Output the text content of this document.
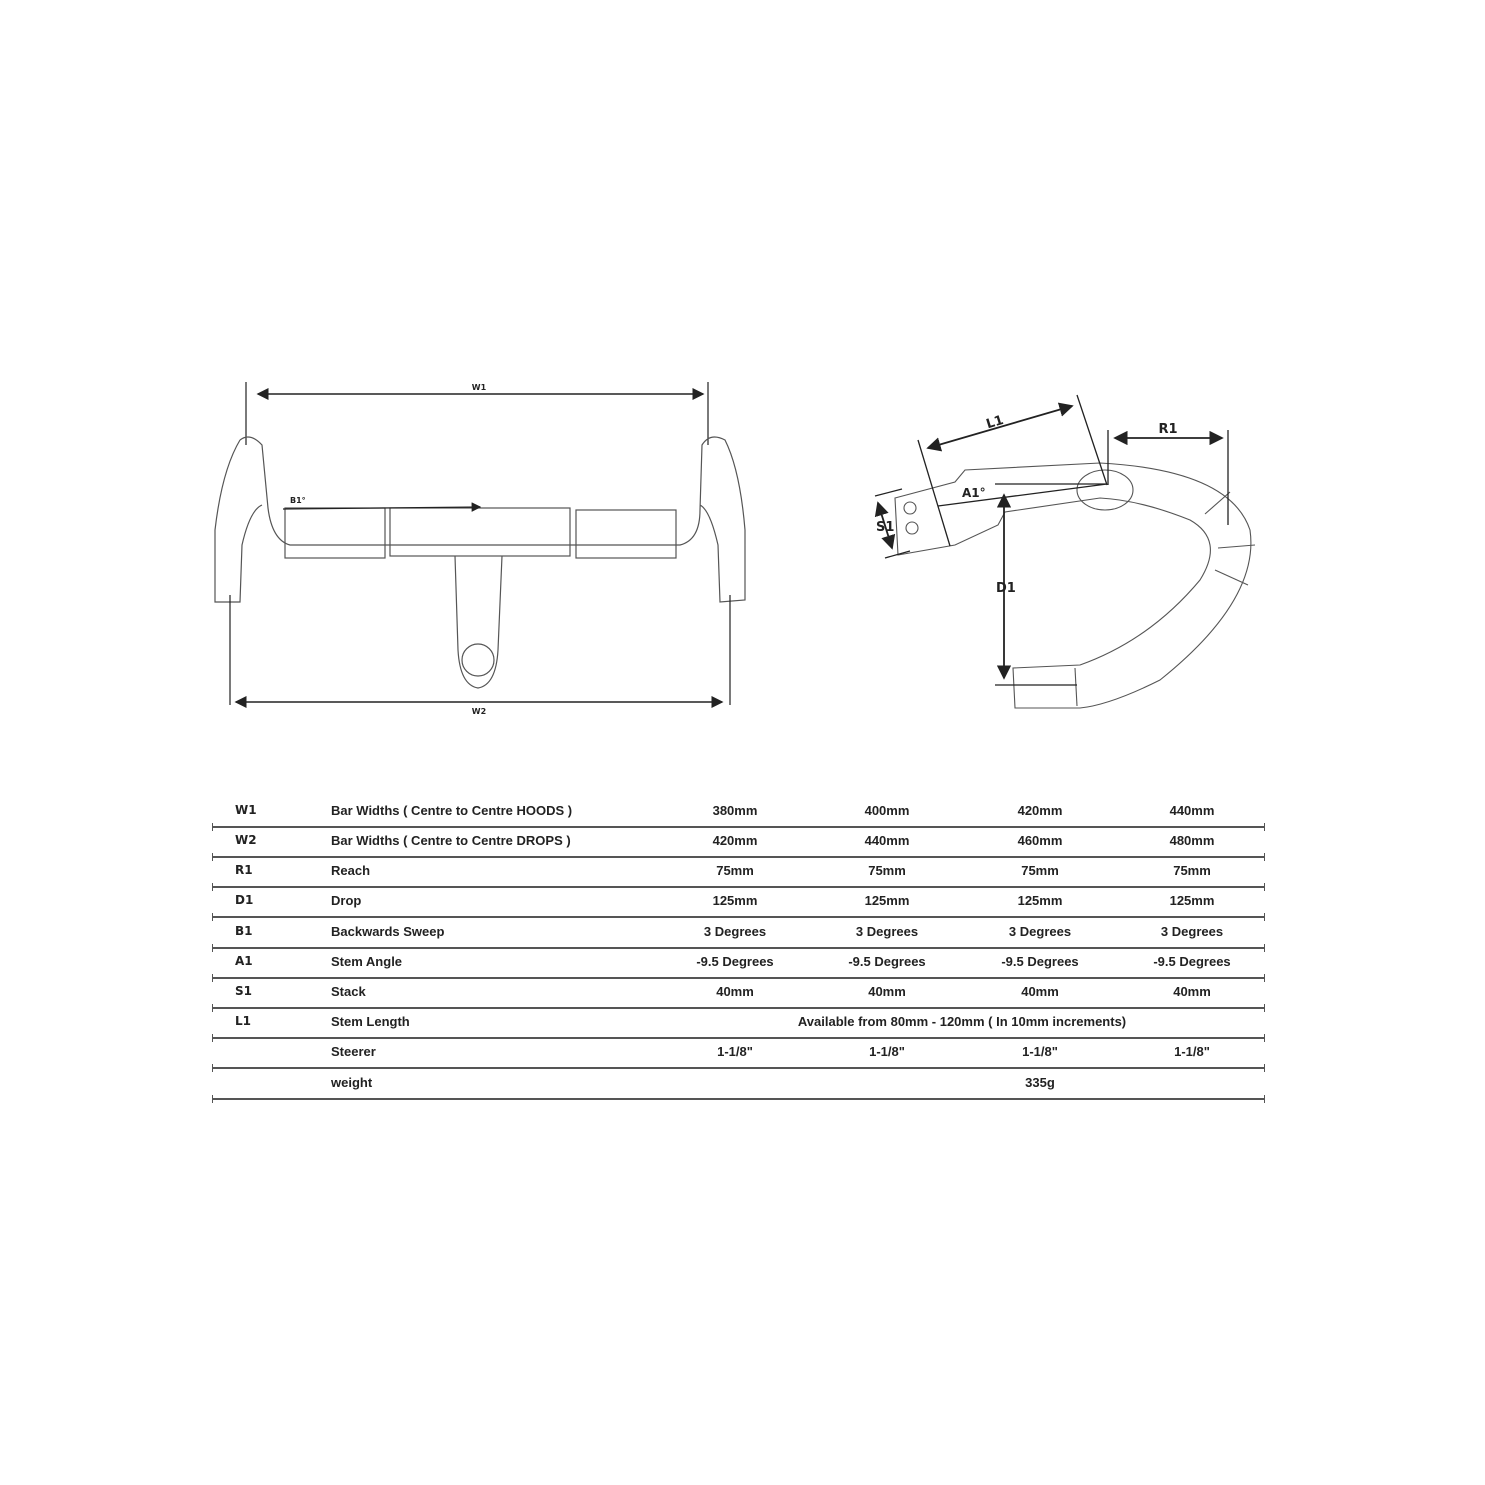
W1
W2
B1°
L1	R1
A1°
S1
D1
W1	Bar Widths ( Centre to Centre HOODS )	380mm	400mm	420mm	440mm
W2	Bar Widths ( Centre to Centre DROPS )	420mm	440mm	460mm	480mm
R1	Reach	75mm	75mm	75mm	75mm
D1	Drop	125mm	125mm	125mm	125mm
B1	Backwards Sweep	3 Degrees	3 Degrees	3 Degrees	3 Degrees
A1	Stem Angle	-9.5 Degrees	-9.5 Degrees	-9.5 Degrees	-9.5 Degrees
S1	Stack	40mm	40mm	40mm	40mm
L1	Stem Length	Available from 80mm - 120mm ( In 10mm increments)
Steerer	1-1/8"	1-1/8"	1-1/8"	1-1/8"
weight	335g
